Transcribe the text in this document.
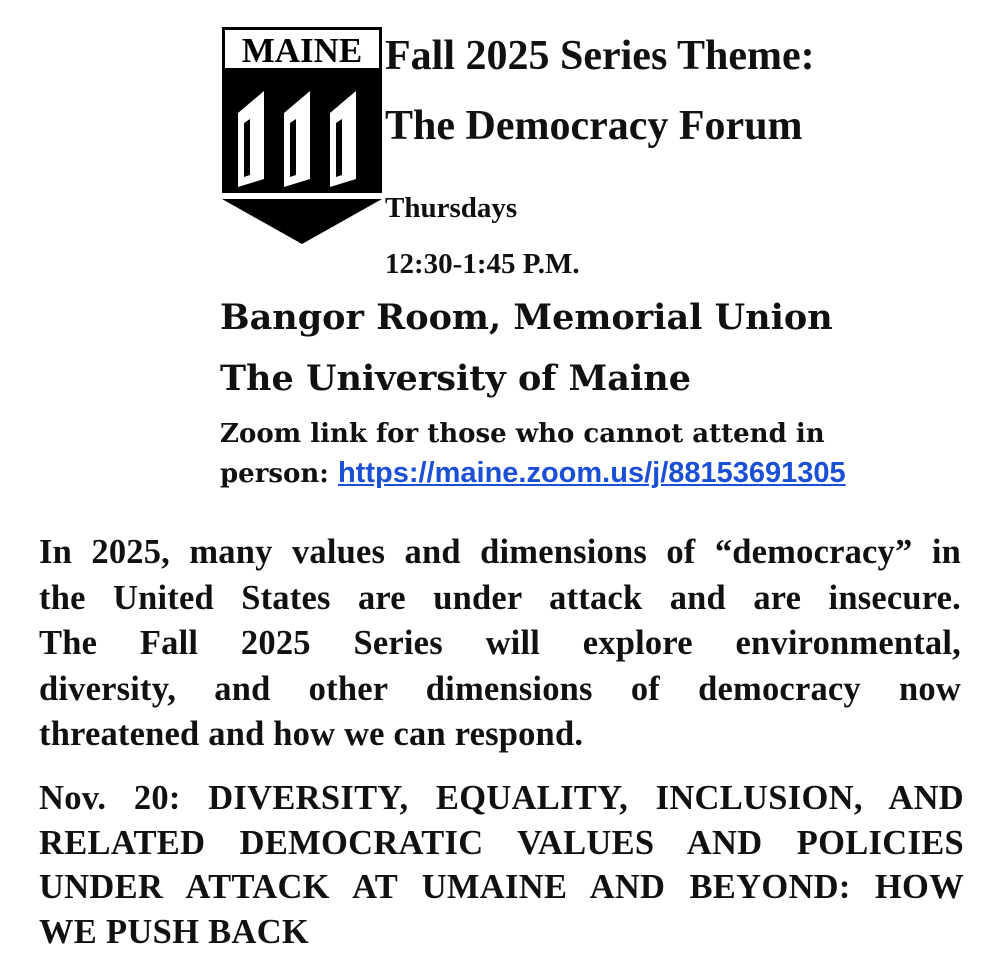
MAINE Fall 2025 Series Theme:
The Democracy Forum
Thursdays
12:30-1:45 P.M.
Bangor Room, Memorial Union
The University of Maine
Zoom link for those who cannot attend in
person: https://maine.zoom.us/j/88153691305
In 2025, many values and dimensions of “democracy” in
the United States are under attack and are insecure.
The Fall 2025 Series will explore environmental,
diversity, and other dimensions of democracy now
threatened and how we can respond.
Nov. 20: DIVERSITY, EQUALITY, INCLUSION, AND
RELATED DEMOCRATIC VALUES AND POLICIES
UNDER ATTACK AT UMAINE AND BEYOND: HOW
WE PUSH BACK
